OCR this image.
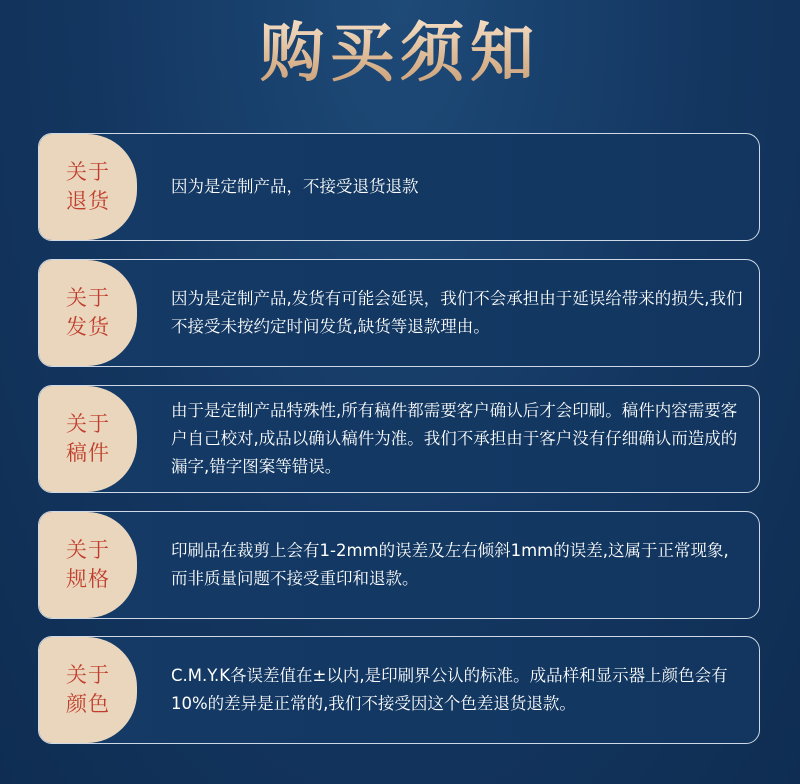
购买须知
关于
退货
因为是定制产品，不接受退货退款
关于
发货
因为是定制产品,发货有可能会延误，我们不会承担由于延误给带来的损失,我们不接受未按约定时间发货,缺货等退款理由。
关于
稿件
由于是定制产品特殊性,所有稿件都需要客户确认后才会印刷。稿件内容需要客户自己校对,成品以确认稿件为准。我们不承担由于客户没有仔细确认而造成的漏字,错字图案等错误。
关于
规格
印刷品在裁剪上会有1-2mm的误差及左右倾斜1mm的误差,这属于正常现象,而非质量问题不接受重印和退款。
关于
颜色
C.M.Y.K各误差值在±以内,是印刷界公认的标准。成品样和显示器上颜色会有10%的差异是正常的,我们不接受因这个色差退货退款。
